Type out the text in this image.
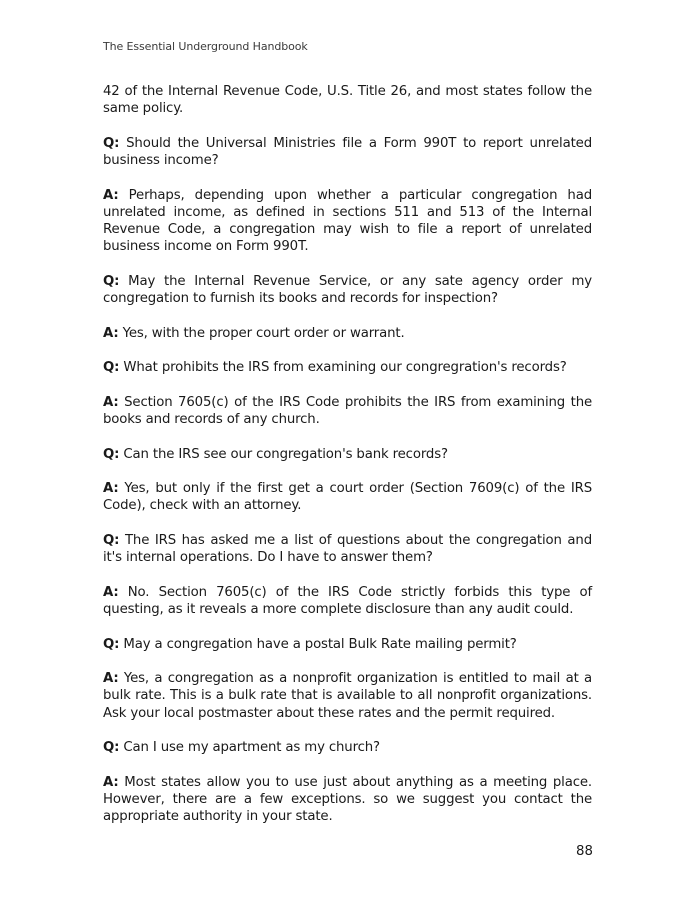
The Essential Underground Handbook

42 of the Internal Revenue Code, U.S. Title 26, and most states follow the same policy.

Q: Should the Universal Ministries file a Form 990T to report unrelated business income?

A: Perhaps, depending upon whether a particular congregation had unrelated income, as defined in sections 511 and 513 of the Internal Revenue Code, a congregation may wish to file a report of unrelated business income on Form 990T.

Q: May the Internal Revenue Service, or any sate agency order my congregation to furnish its books and records for inspection?

A: Yes, with the proper court order or warrant.

Q: What prohibits the IRS from examining our congregration's records?

A: Section 7605(c) of the IRS Code prohibits the IRS from examining the books and records of any church.

Q: Can the IRS see our congregation's bank records?

A: Yes, but only if the first get a court order (Section 7609(c) of the IRS Code), check with an attorney.

Q: The IRS has asked me a list of questions about the congregation and it's internal operations. Do I have to answer them?

A: No. Section 7605(c) of the IRS Code strictly forbids this type of questing, as it reveals a more complete disclosure than any audit could.

Q: May a congregation have a postal Bulk Rate mailing permit?

A: Yes, a congregation as a nonprofit organization is entitled to mail at a bulk rate. This is a bulk rate that is available to all nonprofit organizations. Ask your local postmaster about these rates and the permit required.

Q: Can I use my apartment as my church?

A: Most states allow you to use just about anything as a meeting place. However, there are a few exceptions. so we suggest you contact the appropriate authority in your state.

88
